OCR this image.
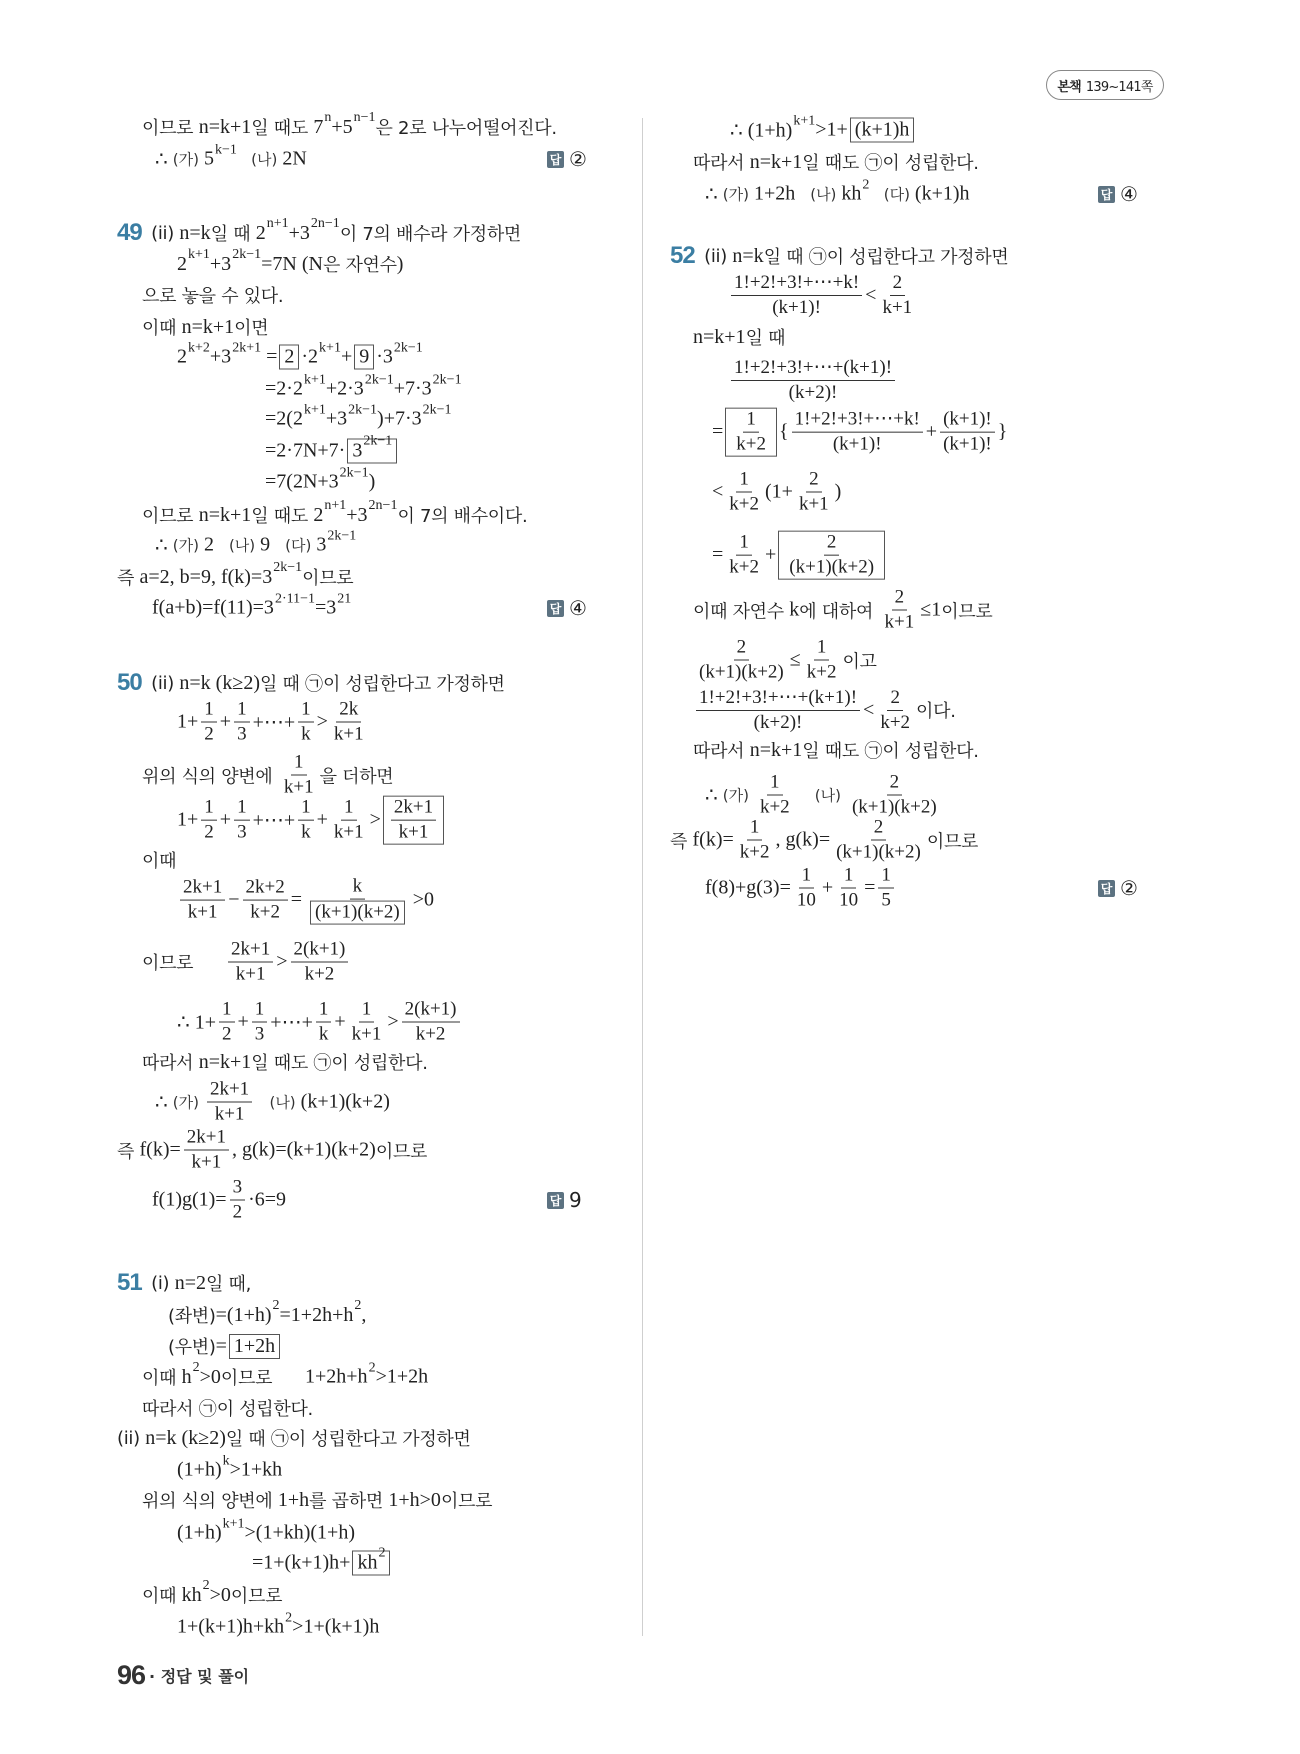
본책 139~141쪽
이므로 n=k+1 일 때도 $7^n +5^{n-1}$
은 2로 나누어떨어진다.
∴ (가) $5^{k-1}$
(나) 2N
49 (ii) n=k 일 때 $2^{n+1} +3^{2n-1}$
이 7의 배수라 가정하면
$2^{k+1} +3^{2k-1} =7N$ ( N 은 자연수 )
으로 놓을 수 있다.
이때 n=k+1 이면
$2^{k+2} +3^{2k+1} = 2 \cdot 2^{k+1} + 9 \cdot 3^{2k-1}$
$=2\cdot 2^{k+1} +2\cdot 3^{2k-1} +7\cdot 3^{2k-1}$
$=2(2^{k+1} +3^{2k-1}$ )$+7\cdot 3^{2k-1}$
$=2\cdot 7N+7\cdot 3^{2k-1}$
$=7(2N+3^{2k-1}$ )
이므로 n=k+1 일 때도 $2^{n+1} +3^{2n-1}$
이 7의 배수이다.
∴ (가) 2 (나) 9 (다) $3^{2k-1}$
즉 a=2, b=9, $f(k)=3^{2k-1}$
이므로
$f(a+b)=f(11)=3^{2\cdot 11-1} =3^{21}$
50 (ii) n=k (k≥2) 일 때 ㉠ 이 성립한다고 가정하면
$1+ \frac{1}{2} + \frac{1}{3}$ +⋯+ $\frac{1}{k} > \frac{2k}{k+1}$
위의 식의 양변에 $\frac{1}{k+1}$ 을 더하면
$1+ \frac{1}{2} + \frac{1}{3}$ +⋯+ $\frac{1}{k} + \frac{1}{k+1} > \frac{2k+1}{k+1}$
이때
$\frac{2k+1}{k+1} - \frac{2k+2}{k+2} = \frac{k}{(k+1)(k+2)} >0$
이므로 $\frac{2k+1}{k+1} > \frac{2(k+1)}{k+2}$
∴ $1+ \frac{1}{2} + \frac{1}{3}$ +⋯+ $\frac{1}{k} + \frac{1}{k+1} > \frac{2(k+1)}{k+2}$
따라서 n=k+1 일 때도 ㉠ 이 성립한다.
∴ (가)
$\frac{2k+1}{k+1}$ (나) (k+1)(k+2)
즉 $f(k)= \frac{2k+1}{k+1}$ , g(k)=(k+1)(k+2) 이므로
$f(1)g(1)= \frac{3}{2} \cdot 6=9$
51 (i) n=2 일 때,
(좌변) $=(1+h)^2 =1+2h+h^2$ ,
(우변) = 1+2h
이때 $h^2 >0$ 이므로 $1+2h+h^2 >1+2h$
따라서 ㉠ 이 성립한다.
(ii) n=k (k≥2) 일 때 ㉠ 이 성립한다고 가정하면
$(1+h)^k >1+kh$
위의 식의 양변에 1+h 를 곱하면 1+h>0 이므로
$(1+h)^{k+1} >(1+kh)(1+h)$
$=1+(k+1)h+ kh^2$
이때 $kh^2 >0$ 이므로
$1+(k+1)h+kh^2 >1+(k+1)h$
답 ②
답 ④
답 9
∴ $(1+h)^{k+1} >1+ (k+1)h$
따라서 n=k+1 일 때도 ㉠ 이 성립한다.
∴ (가) 1+2h (나) $kh^2$
(다) (k+1)h
52 (ii) n=k 일 때 ㉠ 이 성립한다고 가정하면
$\frac{1!+2!+3!+\cdots+k!}{(k+1)!} < \frac{2}{k+1}$
n=k+1 일 때
$\frac{1!+2!+3!+\cdots+(k+1)!}{(k+2)!}$
= $\frac{1}{k+2}$ { $\frac{1!+2!+3!+\cdots+k!}{(k+1)!} + \frac{(k+1)!}{(k+1)!}$ }
< $\frac{1}{k+2} (1+ \frac{2}{k+1}$ )
= $\frac{1}{k+2} + \frac{2}{(k+1)(k+2)}$
이때 자연수 k 에 대하여 $\frac{2}{k+1} \le 1$ 이므로
$\frac{2}{(k+1)(k+2)} \le \frac{1}{k+2}$ 이고
$\frac{1!+2!+3!+\cdots+(k+1)!}{(k+2)!} < \frac{2}{k+2}$ 이다.
따라서 n=k+1 일 때도 ㉠ 이 성립한다.
∴ (가)
$\frac{1}{k+2}$ (나)
$\frac{2}{(k+1)(k+2)}$
즉 $f(k)= \frac{1}{k+2}$ , $g(k)= \frac{2}{(k+1)(k+2)}$ 이므로
$f(8)+g(3)= \frac{1}{10} + \frac{1}{10} = \frac{1}{5}$
답 ④
답 ②
96 · 정답 및 풀이
